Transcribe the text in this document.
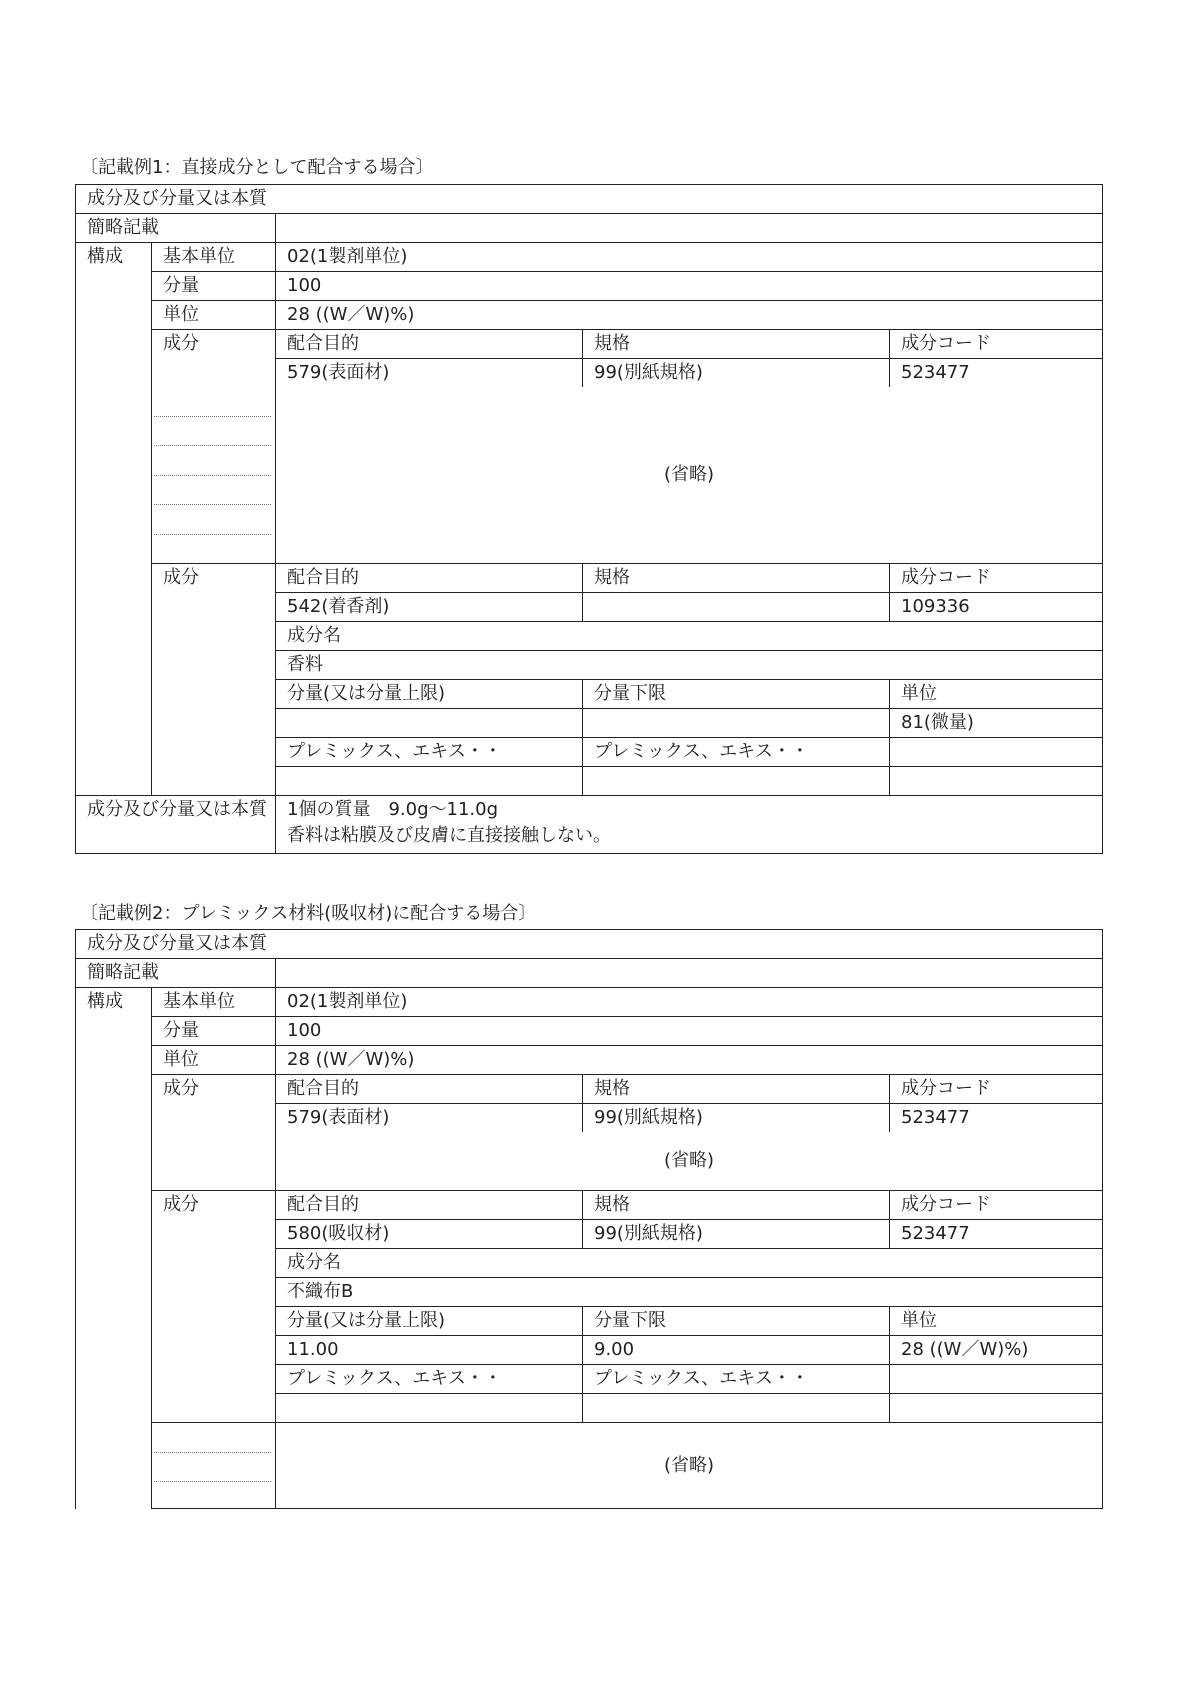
〔記載例1：直接成分として配合する場合〕
成分及び分量又は本質				
簡略記載				
構成	基本単位	02(1製剤単位)		
	分量	100		
	単位	28 ((W／W)%)		
	成分	配合目的	規格	成分コード
		579(表面材)	99(別紙規格)	523477

		(省略)		
	成分	配合目的	規格	成分コード
		542(着香剤)		109336
		成分名		
		香料		
		分量(又は分量上限)	分量下限	単位
				81(微量)
		プレミックス、エキス・・	プレミックス、エキス・・	

成分及び分量又は本質		1個の質量　9.0g～11.0g
香料は粘膜及び皮膚に直接接触しない。		
〔記載例2：プレミックス材料(吸収材)に配合する場合〕
成分及び分量又は本質				
簡略記載				
構成	基本単位	02(1製剤単位)		
	分量	100		
	単位	28 ((W／W)%)		
	成分	配合目的	規格	成分コード
		579(表面材)	99(別紙規格)	523477
		(省略)		
	成分	配合目的	規格	成分コード
		580(吸収材)	99(別紙規格)	523477
		成分名		
		不織布B		
		分量(又は分量上限)	分量下限	単位
		11.00	9.00	28 ((W／W)%)
		プレミックス、エキス・・	プレミックス、エキス・・	

		(省略)		
